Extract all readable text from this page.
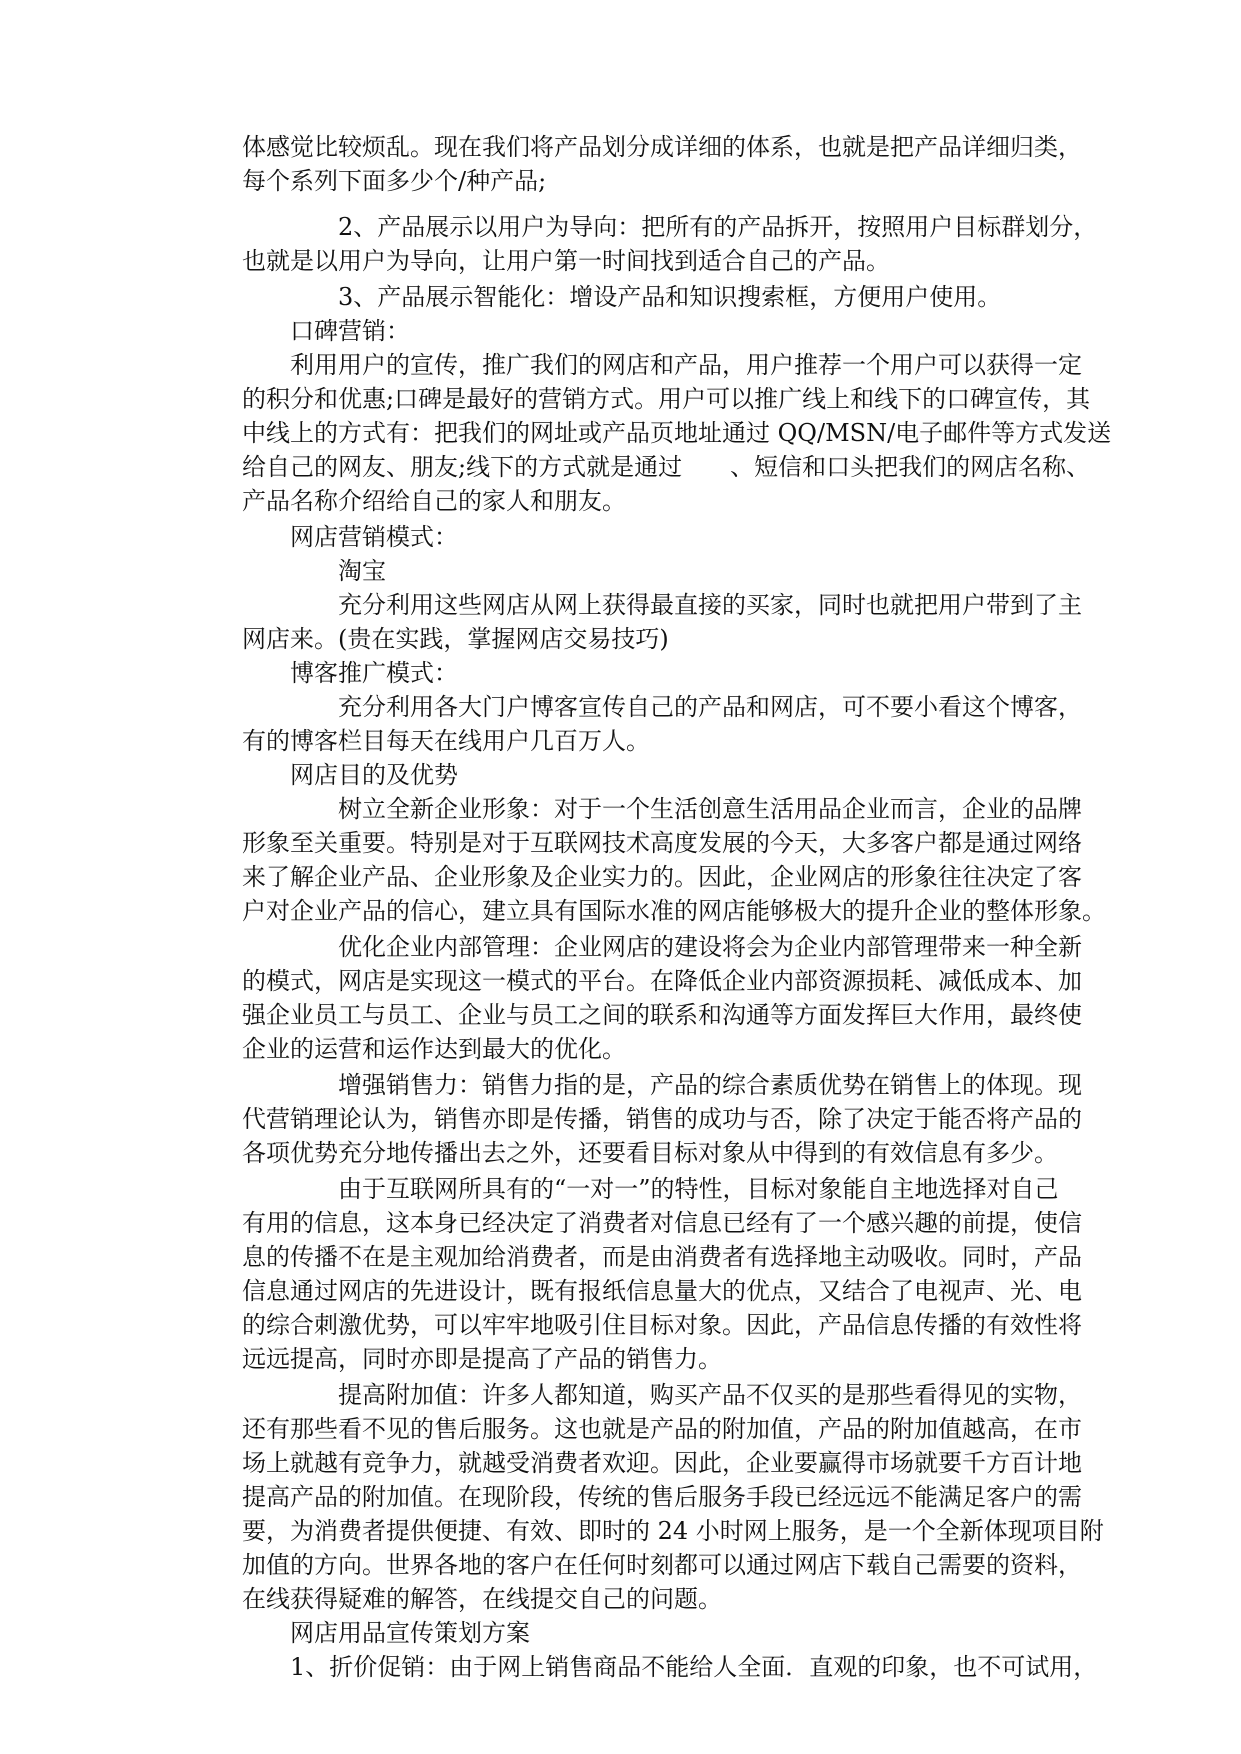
体感觉比较烦乱。现在我们将产品划分成详细的体系，也就是把产品详细归类，
每个系列下面多少个/种产品;
2、产品展示以用户为导向：把所有的产品拆开，按照用户目标群划分，
也就是以用户为导向，让用户第一时间找到适合自己的产品。
3、产品展示智能化：增设产品和知识搜索框，方便用户使用。
口碑营销：
利用用户的宣传，推广我们的网店和产品，用户推荐一个用户可以获得一定
的积分和优惠;口碑是最好的营销方式。用户可以推广线上和线下的口碑宣传，其
中线上的方式有：把我们的网址或产品页地址通过 QQ/MSN/电子邮件等方式发送
给自己的网友、朋友;线下的方式就是通过　　、短信和口头把我们的网店名称、
产品名称介绍给自己的家人和朋友。
网店营销模式：
淘宝
充分利用这些网店从网上获得最直接的买家，同时也就把用户带到了主
网店来。(贵在实践，掌握网店交易技巧)
博客推广模式：
充分利用各大门户博客宣传自己的产品和网店，可不要小看这个博客，
有的博客栏目每天在线用户几百万人。
网店目的及优势
树立全新企业形象：对于一个生活创意生活用品企业而言，企业的品牌
形象至关重要。特别是对于互联网技术高度发展的今天，大多客户都是通过网络
来了解企业产品、企业形象及企业实力的。因此，企业网店的形象往往决定了客
户对企业产品的信心，建立具有国际水准的网店能够极大的提升企业的整体形象。
优化企业内部管理：企业网店的建设将会为企业内部管理带来一种全新
的模式，网店是实现这一模式的平台。在降低企业内部资源损耗、减低成本、加
强企业员工与员工、企业与员工之间的联系和沟通等方面发挥巨大作用，最终使
企业的运营和运作达到最大的优化。
增强销售力：销售力指的是，产品的综合素质优势在销售上的体现。现
代营销理论认为，销售亦即是传播，销售的成功与否，除了决定于能否将产品的
各项优势充分地传播出去之外，还要看目标对象从中得到的有效信息有多少。
由于互联网所具有的“一对一”的特性，目标对象能自主地选择对自己
有用的信息，这本身已经决定了消费者对信息已经有了一个感兴趣的前提，使信
息的传播不在是主观加给消费者，而是由消费者有选择地主动吸收。同时，产品
信息通过网店的先进设计，既有报纸信息量大的优点，又结合了电视声、光、电
的综合刺激优势，可以牢牢地吸引住目标对象。因此，产品信息传播的有效性将
远远提高，同时亦即是提高了产品的销售力。
提高附加值：许多人都知道，购买产品不仅买的是那些看得见的实物，
还有那些看不见的售后服务。这也就是产品的附加值，产品的附加值越高，在市
场上就越有竞争力，就越受消费者欢迎。因此，企业要赢得市场就要千方百计地
提高产品的附加值。在现阶段，传统的售后服务手段已经远远不能满足客户的需
要，为消费者提供便捷、有效、即时的 24 小时网上服务，是一个全新体现项目附
加值的方向。世界各地的客户在任何时刻都可以通过网店下载自己需要的资料，
在线获得疑难的解答，在线提交自己的问题。
网店用品宣传策划方案
1、折价促销：由于网上销售商品不能给人全面．直观的印象，也不可试用，
